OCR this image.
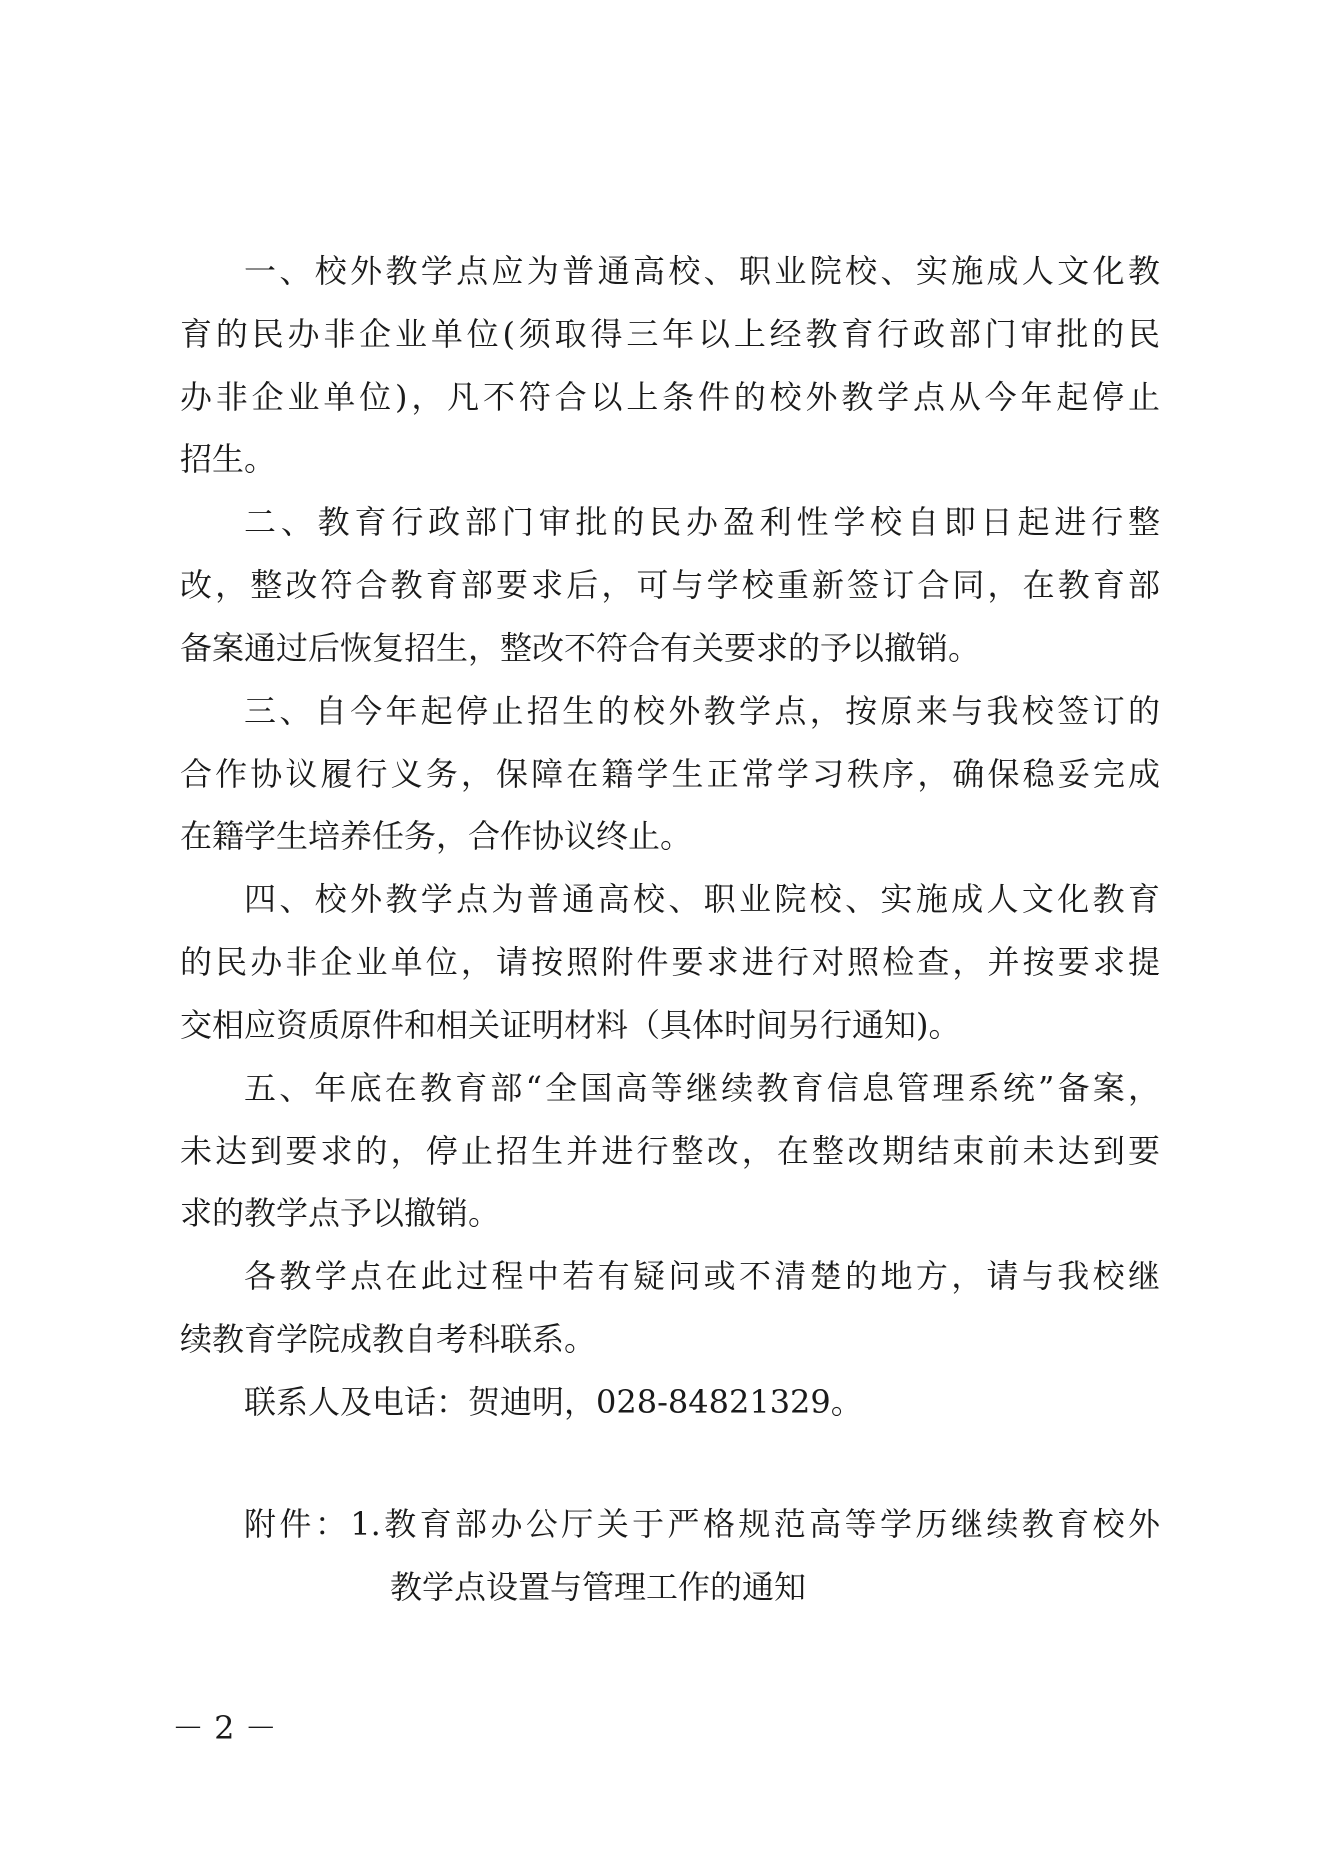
一、校外教学点应为普通高校、职业院校、实施成人文化教
育的民办非企业单位(须取得三年以上经教育行政部门审批的民
办非企业单位)，凡不符合以上条件的校外教学点从今年起停止
招生。
二、教育行政部门审批的民办盈利性学校自即日起进行整
改，整改符合教育部要求后，可与学校重新签订合同，在教育部
备案通过后恢复招生，整改不符合有关要求的予以撤销。
三、自今年起停止招生的校外教学点，按原来与我校签订的
合作协议履行义务，保障在籍学生正常学习秩序，确保稳妥完成
在籍学生培养任务，合作协议终止。
四、校外教学点为普通高校、职业院校、实施成人文化教育
的民办非企业单位，请按照附件要求进行对照检查，并按要求提
交相应资质原件和相关证明材料（具体时间另行通知)。
五、年底在教育部“全国高等继续教育信息管理系统”备案，
未达到要求的，停止招生并进行整改，在整改期结束前未达到要
求的教学点予以撤销。
各教学点在此过程中若有疑问或不清楚的地方，请与我校继
续教育学院成教自考科联系。
联系人及电话：贺迪明，028-84821329。
附件：1.教育部办公厅关于严格规范高等学历继续教育校外
教学点设置与管理工作的通知
－ 2 －
